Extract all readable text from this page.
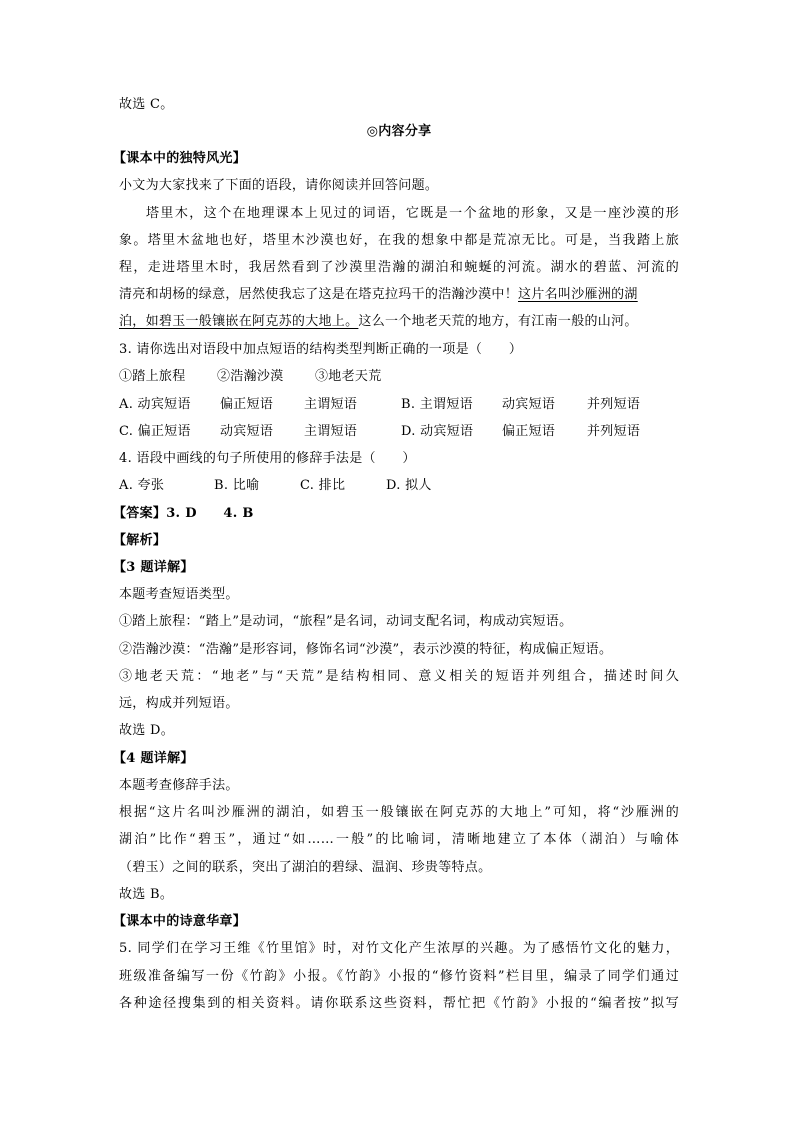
故选 C。
◎内容分享
【课本中的独特风光】
小文为大家找来了下面的语段，请你阅读并回答问题。
塔里木，这个在地理课本上见过的词语，它既是一个盆地的形象，又是一座沙漠的形
象。塔里木盆地也好，塔里木沙漠也好，在我的想象中都是荒凉无比。可是，当我踏上旅
程，走进塔里木时，我居然看到了沙漠里浩瀚的湖泊和蜿蜒的河流。湖水的碧蓝、河流的
清亮和胡杨的绿意，居然使我忘了这是在塔克拉玛干的浩瀚沙漠中！这片名叫沙雁洲的湖
泊，如碧玉一般镶嵌在阿克苏的大地上。这么一个地老天荒的地方，有江南一般的山河。
3. 请你选出对语段中加点短语的结构类型判断正确的一项是（　　）
①踏上旅程 ②浩瀚沙漠 ③地老天荒
A. 动宾短语 偏正短语 主谓短语	B. 主谓短语 动宾短语 并列短语
C. 偏正短语 动宾短语 主谓短语	D. 动宾短语 偏正短语 并列短语
4. 语段中画线的句子所使用的修辞手法是（　　）
A. 夸张	B. 比喻	C. 排比	D. 拟人
【答案】3. D　　4. B
【解析】
【3 题详解】
本题考查短语类型。
①踏上旅程：“踏上”是动词，“旅程”是名词，动词支配名词，构成动宾短语。
②浩瀚沙漠：“浩瀚”是形容词，修饰名词“沙漠”，表示沙漠的特征，构成偏正短语。
③地老天荒：“地老”与“天荒”是结构相同、意义相关的短语并列组合，描述时间久
远，构成并列短语。
故选 D。
【4 题详解】
本题考查修辞手法。
根据“这片名叫沙雁洲的湖泊，如碧玉一般镶嵌在阿克苏的大地上”可知，将“沙雁洲的
湖泊”比作“碧玉”，通过“如……一般”的比喻词，清晰地建立了本体（湖泊）与喻体
（碧玉）之间的联系，突出了湖泊的碧绿、温润、珍贵等特点。
故选 B。
【课本中的诗意华章】
5. 同学们在学习王维《竹里馆》时，对竹文化产生浓厚的兴趣。为了感悟竹文化的魅力，
班级准备编写一份《竹韵》小报。《竹韵》小报的“修竹资料”栏目里，编录了同学们通过
各种途径搜集到的相关资料。请你联系这些资料，帮忙把《竹韵》小报的“编者按”拟写
